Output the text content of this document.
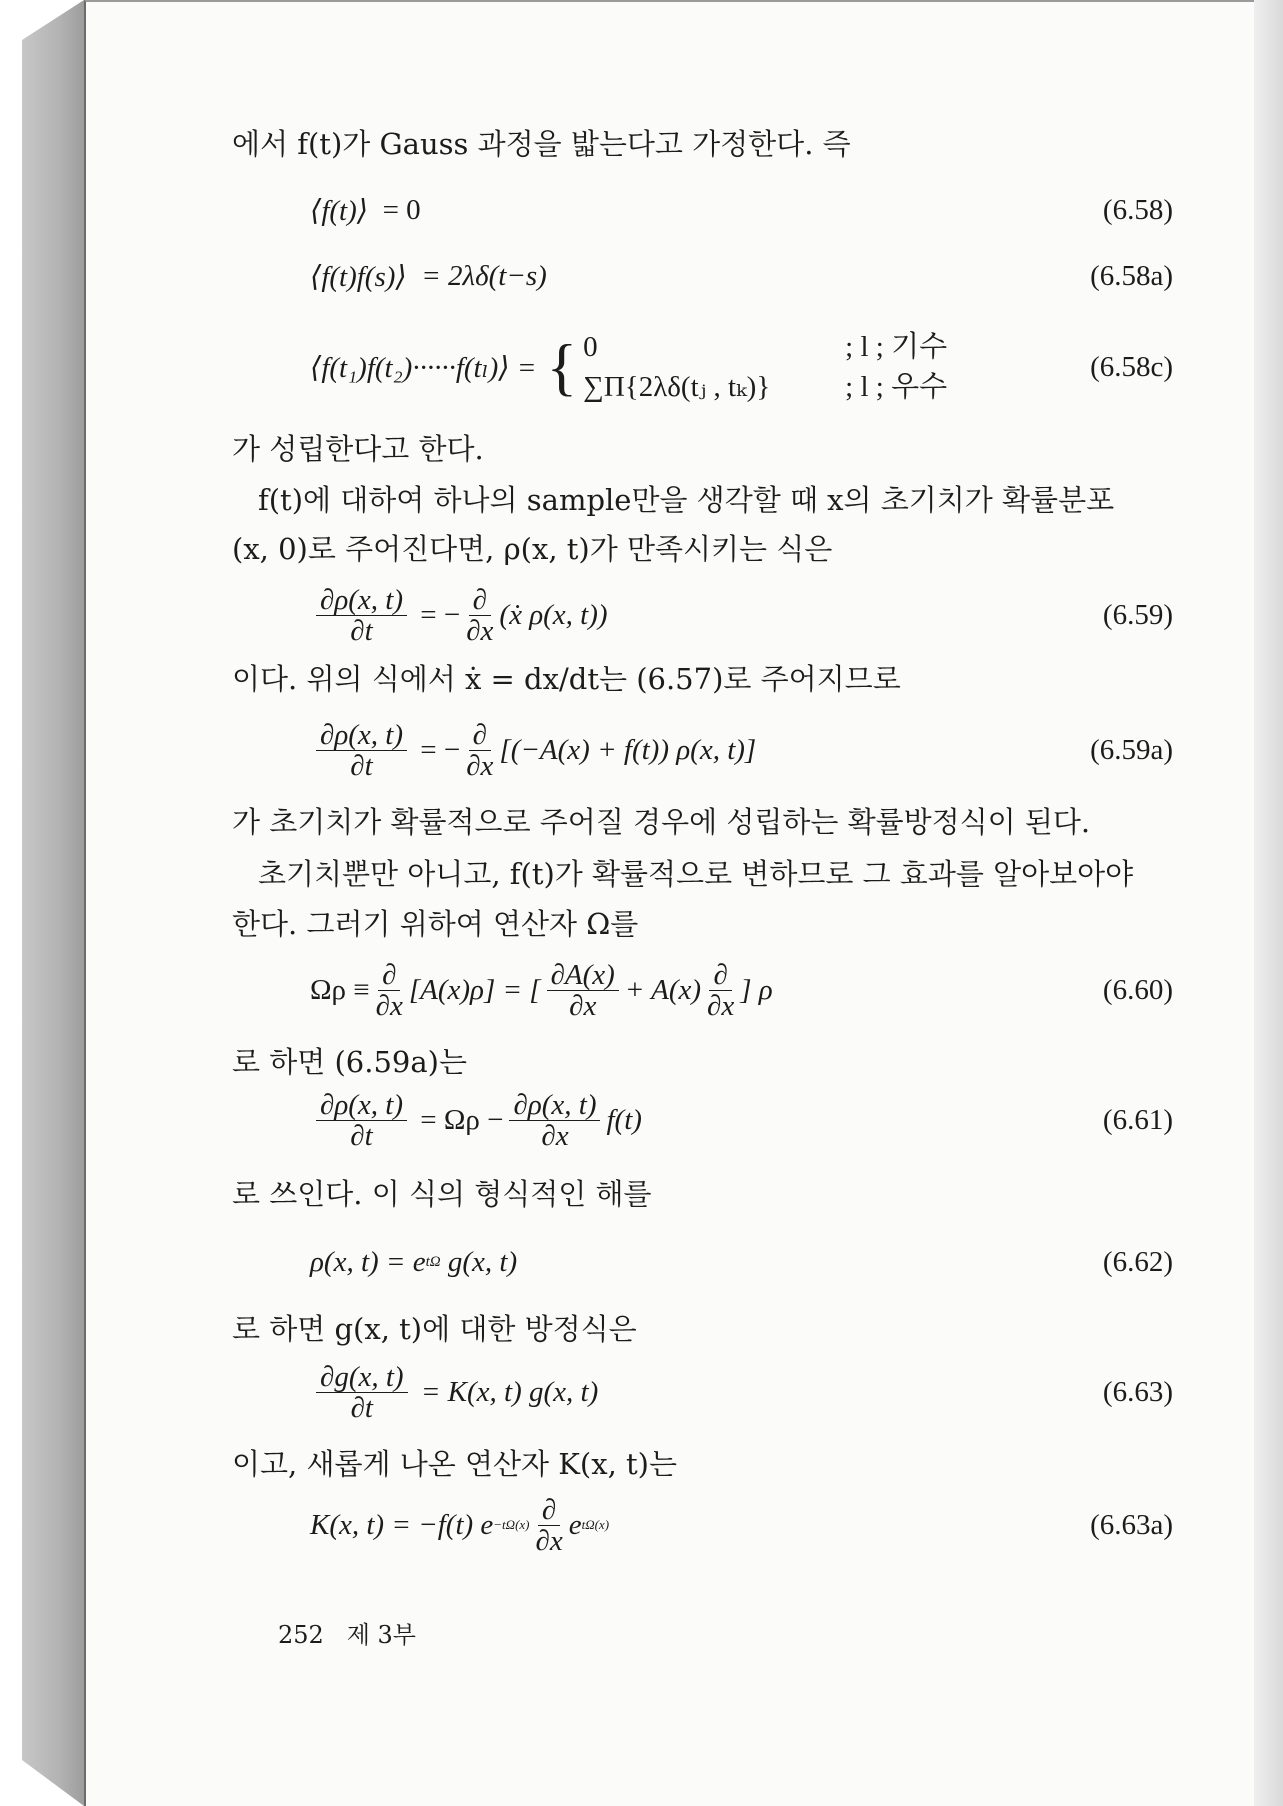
에서 f(t)가 Gauss 과정을 밟는다고 가정한다. 즉
⟨f(t)⟩
= 0	(6.58)
⟨f(t)f(s)⟩
= 2λδ(t−s)	(6.58a)
⟨f(t₁)f(t₂)······f(tₗ)⟩ = { 0	; l ; 기수
∑Π{2λδ(tⱼ , tₖ)}	; l ; 우수
(6.58c)
가 성립한다고 한다.
f(t)에 대하여 하나의 sample만을 생각할 때 x의 초기치가 확률분포
(x, 0)로 주어진다면, ρ(x, t)가 만족시키는 식은
$\frac{\partial\rho(x, t)}{\partial t}$
= − $\frac{\partial}{\partial x}$ (ẋ ρ(x, t))	(6.59)
이다. 위의 식에서 ẋ = dx/dt는 (6.57)로 주어지므로
$\frac{\partial\rho(x, t)}{\partial t}$
= − $\frac{\partial}{\partial x} [(-A(x) + f(t))$ ρ(x, t)]	(6.59a)
가 초기치가 확률적으로 주어질 경우에 성립하는 확률방정식이 된다.
초기치뿐만 아니고, f(t)가 확률적으로 변하므로 그 효과를 알아보아야
한다. 그러기 위하여 연산자 Ω를
$\Omega\rho \equiv \frac{\partial}{\partial x} [A(x)\rho]$ = [ $\frac{\partial A(x)}{\partial x} + A(x) \frac{\partial}{\partial x}$ ] ρ	(6.60)
로 하면 (6.59a)는
$\frac{\partial\rho(x, t)}{\partial t}$
= $\Omega\rho - \frac{\partial\rho(x, t)}{\partial x} f(t)$	(6.61)
로 쓰인다. 이 식의 형식적인 해를
ρ(x, t) = e tΩ
g(x, t)	(6.62)
로 하면 g(x, t)에 대한 방정식은
$\frac{\partial g(x, t)}{\partial t}$
= K(x, t) g(x, t)	(6.63)
이고, 새롭게 나온 연산자 K(x, t)는
K(x, t) = −f(t) $e -t\Omega(x) \frac{\partial}{\partial x}$ e tΩ(x)	(6.63a)
252 제 3부
